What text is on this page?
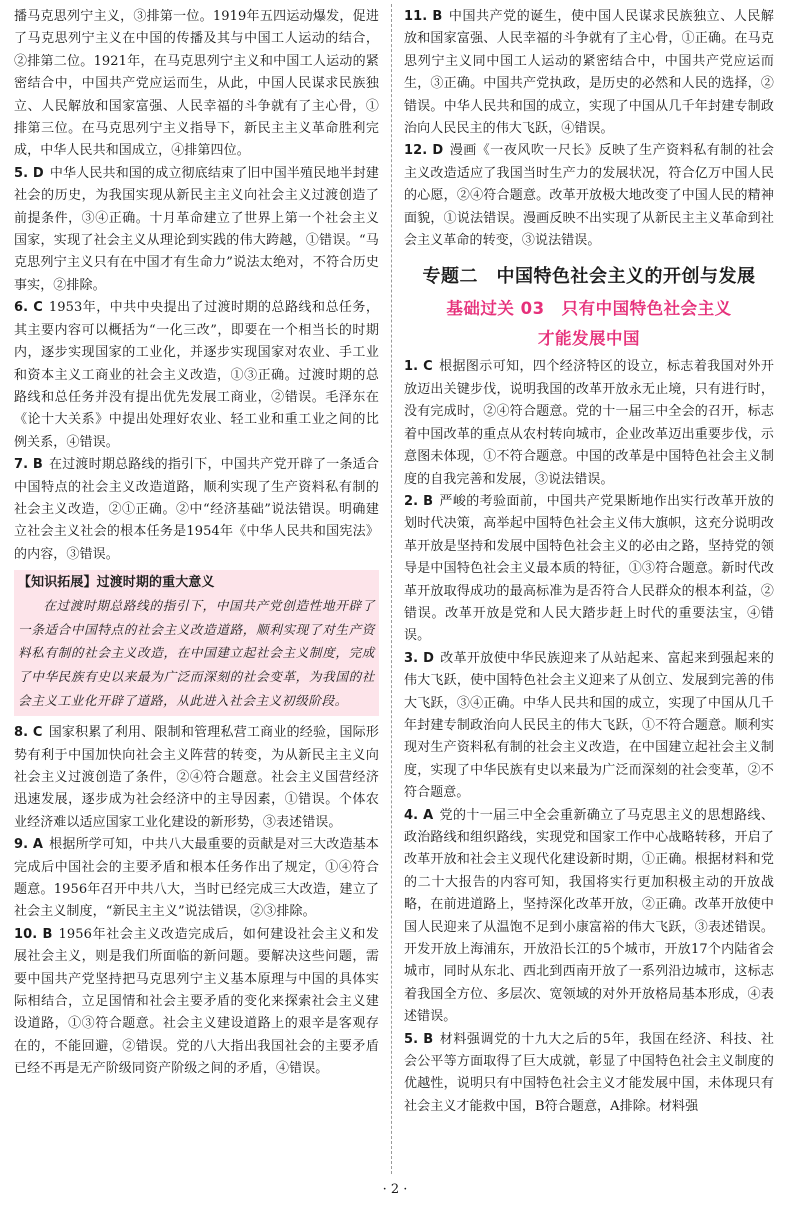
播马克思列宁主义，③排第一位。1919年五四运动爆发，促进了马克思列宁主义在中国的传播及其与中国工人运动的结合，②排第二位。1921年，在马克思列宁主义和中国工人运动的紧密结合中，中国共产党应运而生，从此，中国人民谋求民族独立、人民解放和国家富强、人民幸福的斗争就有了主心骨，①排第三位。在马克思列宁主义指导下，新民主主义革命胜利完成，中华人民共和国成立，④排第四位。

5. D 中华人民共和国的成立彻底结束了旧中国半殖民地半封建社会的历史，为我国实现从新民主主义向社会主义过渡创造了前提条件，③④正确。十月革命建立了世界上第一个社会主义国家，实现了社会主义从理论到实践的伟大跨越，①错误。“马克思列宁主义只有在中国才有生命力”说法太绝对，不符合历史事实，②排除。

6. C 1953年，中共中央提出了过渡时期的总路线和总任务，其主要内容可以概括为“一化三改”，即要在一个相当长的时期内，逐步实现国家的工业化，并逐步实现国家对农业、手工业和资本主义工商业的社会主义改造，①③正确。过渡时期的总路线和总任务并没有提出优先发展工商业，②错误。毛泽东在《论十大关系》中提出处理好农业、轻工业和重工业之间的比例关系，④错误。

7. B 在过渡时期总路线的指引下，中国共产党开辟了一条适合中国特点的社会主义改造道路，顺利实现了生产资料私有制的社会主义改造，②①正确。②中“经济基础”说法错误。明确建立社会主义社会的根本任务是1954年《中华人民共和国宪法》的内容，③错误。

【知识拓展】过渡时期的重大意义
在过渡时期总路线的指引下，中国共产党创造性地开辟了一条适合中国特点的社会主义改造道路，顺利实现了对生产资料私有制的社会主义改造，在中国建立起社会主义制度，完成了中华民族有史以来最为广泛而深刻的社会变革，为我国的社会主义工业化开辟了道路，从此进入社会主义初级阶段。

8. C 国家积累了利用、限制和管理私营工商业的经验，国际形势有利于中国加快向社会主义阵营的转变，为从新民主主义向社会主义过渡创造了条件，②④符合题意。社会主义国营经济迅速发展，逐步成为社会经济中的主导因素，①错误。个体农业经济难以适应国家工业化建设的新形势，③表述错误。

9. A 根据所学可知，中共八大最重要的贡献是对三大改造基本完成后中国社会的主要矛盾和根本任务作出了规定，①④符合题意。1956年召开中共八大，当时已经完成三大改造，建立了社会主义制度，“新民主主义”说法错误，②③排除。

10. B 1956年社会主义改造完成后，如何建设社会主义和发展社会主义，则是我们所面临的新问题。要解决这些问题，需要中国共产党坚持把马克思列宁主义基本原理与中国的具体实际相结合，立足国情和社会主要矛盾的变化来探索社会主义建设道路，①③符合题意。社会主义建设道路上的艰辛是客观存在的，不能回避，②错误。党的八大指出我国社会的主要矛盾已经不再是无产阶级同资产阶级之间的矛盾，④错误。

11. B 中国共产党的诞生，使中国人民谋求民族独立、人民解放和国家富强、人民幸福的斗争就有了主心骨，①正确。在马克思列宁主义同中国工人运动的紧密结合中，中国共产党应运而生，③正确。中国共产党执政，是历史的必然和人民的选择，②错误。中华人民共和国的成立，实现了中国从几千年封建专制政治向人民民主的伟大飞跃，④错误。

12. D 漫画《一夜风吹一尺长》反映了生产资料私有制的社会主义改造适应了我国当时生产力的发展状况，符合亿万中国人民的心愿，②④符合题意。改革开放极大地改变了中国人民的精神面貌，①说法错误。漫画反映不出实现了从新民主主义革命到社会主义革命的转变，③说法错误。

专题二　中国特色社会主义的开创与发展
基础过关 03　只有中国特色社会主义
才能发展中国

1. C 根据图示可知，四个经济特区的设立，标志着我国对外开放迈出关键步伐，说明我国的改革开放永无止境，只有进行时，没有完成时，②④符合题意。党的十一届三中全会的召开，标志着中国改革的重点从农村转向城市，企业改革迈出重要步伐，示意图未体现，①不符合题意。中国的改革是中国特色社会主义制度的自我完善和发展，③说法错误。

2. B 严峻的考验面前，中国共产党果断地作出实行改革开放的划时代决策，高举起中国特色社会主义伟大旗帜，这充分说明改革开放是坚持和发展中国特色社会主义的必由之路，坚持党的领导是中国特色社会主义最本质的特征，①③符合题意。新时代改革开放取得成功的最高标准为是否符合人民群众的根本利益，②错误。改革开放是党和人民大踏步赶上时代的重要法宝，④错误。

3. D 改革开放使中华民族迎来了从站起来、富起来到强起来的伟大飞跃，使中国特色社会主义迎来了从创立、发展到完善的伟大飞跃，③④正确。中华人民共和国的成立，实现了中国从几千年封建专制政治向人民民主的伟大飞跃，①不符合题意。顺利实现对生产资料私有制的社会主义改造，在中国建立起社会主义制度，实现了中华民族有史以来最为广泛而深刻的社会变革，②不符合题意。

4. A 党的十一届三中全会重新确立了马克思主义的思想路线、政治路线和组织路线，实现党和国家工作中心战略转移，开启了改革开放和社会主义现代化建设新时期，①正确。根据材料和党的二十大报告的内容可知，我国将实行更加积极主动的开放战略，在前进道路上，坚持深化改革开放，②正确。改革开放使中国人民迎来了从温饱不足到小康富裕的伟大飞跃，③表述错误。开发开放上海浦东，开放沿长江的5个城市，开放17个内陆省会城市，同时从东北、西北到西南开放了一系列沿边城市，这标志着我国全方位、多层次、宽领域的对外开放格局基本形成，④表述错误。

5. B 材料强调党的十九大之后的5年，我国在经济、科技、社会公平等方面取得了巨大成就，彰显了中国特色社会主义制度的优越性，说明只有中国特色社会主义才能发展中国，未体现只有社会主义才能救中国，B符合题意，A排除。材料强

· 2 ·
